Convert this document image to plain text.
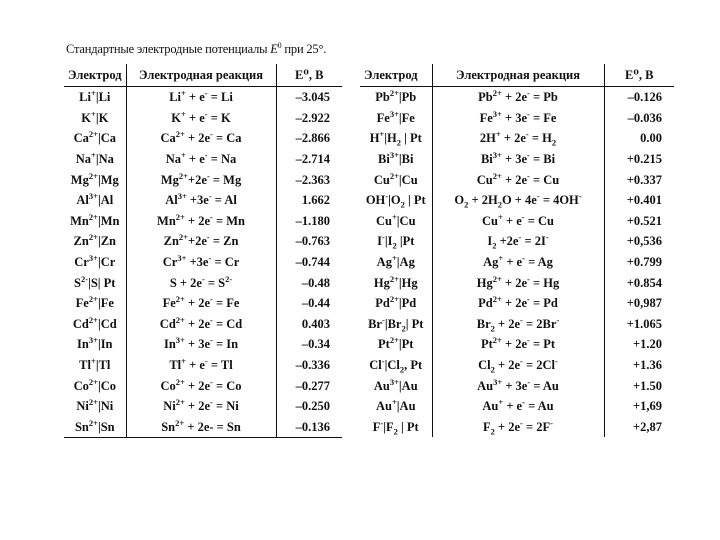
Стандартные электродные потенциалы $E^0$ при 25°.
Электрод	Электродная реакция	E⁰, В
Li+|Li	Li+ + e- = Li	–3.045
K+|K	K+ + e- = K	–2.922
$Ca^{2+}|Ca$	$Ca^{2+} + 2e^- = Ca$	–2.866
Na+|Na	Na+ + e- = Na	–2.714
$Mg^{2+}|Mg$	$Mg^{2+}+2e^- = Mg$	–2.363
$Al^{3+}|Al$	$Al^{3+} +3e^- = Al$	1.662
$Mn^{2+}|Mn$	$Mn^{2+} + 2e^- = Mn$	–1.180
$Zn^{2+}|Zn$	$Zn^{2+}+2e^- = Zn$	–0.763
$Cr^{3+}|Cr$	$Cr^{3+} +3e^- = Cr$	–0.744
$S^{2-}|S|$ Pt	$S + 2e^- = S^{2-}$	–0.48
$Fe^{2+}|Fe$	$Fe^{2+} + 2e^- = Fe$	–0.44
$Cd^{2+}|Cd$	$Cd^{2+} + 2e^- = Cd$	0.403
$In^{3+}|In$	$In^{3+} + 3e^- = In$	–0.34
Tl+|Tl	Tl+ + e- = Tl	–0.336
$Co^{2+}|Co$	$Co^{2+} + 2e^- = Co$	–0.277
$Ni^{2+}|Ni$	$Ni^{2+} + 2e^- = Ni$	–0.250
$Sn^{2+}|Sn$	$Sn^{2+} + 2e- = Sn$	–0.136
Электрод	Электродная реакция	E⁰, В
$Pb^{2+}|Pb$	$Pb^{2+} + 2e^- = Pb$	–0.126
$Fe^{3+}|Fe$	$Fe^{3+} + 3e^- = Fe$	–0.036
$H^+|H_2$ | Pt	$2H^+ + 2e^- = H_2$	0.00
$Bi^{3+}|Bi$	$Bi^{3+} + 3e^- = Bi$	+0.215
$Cu^{2+}|Cu$	$Cu^{2+} + 2e^- = Cu$	+0.337
$OH^-|O_2$ | Pt	$O_2 + 2H_2O + 4e^- = 4OH^-$	+0.401
Cu+|Cu	Cu+ + e- = Cu	+0.521
$I^-|I_2$ |Pt	$I_2 +2e^- = 2I^-$	+0,536
Ag+|Ag	Ag+ + e- = Ag	+0.799
$Hg^{2+}|Hg$	$Hg^{2+} + 2e^- = Hg$	+0.854
$Pd^{2+}|Pd$	$Pd^{2+} + 2e^- = Pd$	+0,987
$Br^-|Br_2|$ Pt	$Br_2 + 2e^- = 2Br^-$	+1.065
$Pt^{2+}|Pt$	$Pt^{2+} + 2e^- = Pt$	+1.20
$Cl^-|Cl_2$, Pt	$Cl_2 + 2e^- = 2Cl^-$	+1.36
$Au^{3+}|Au$	$Au^{3+} + 3e^- = Au$	+1.50
Au+|Au	Au+ + e- = Au	+1,69
$F^-|F_2$ | Pt	$F_2 + 2e^- = 2F^-$	+2,87
